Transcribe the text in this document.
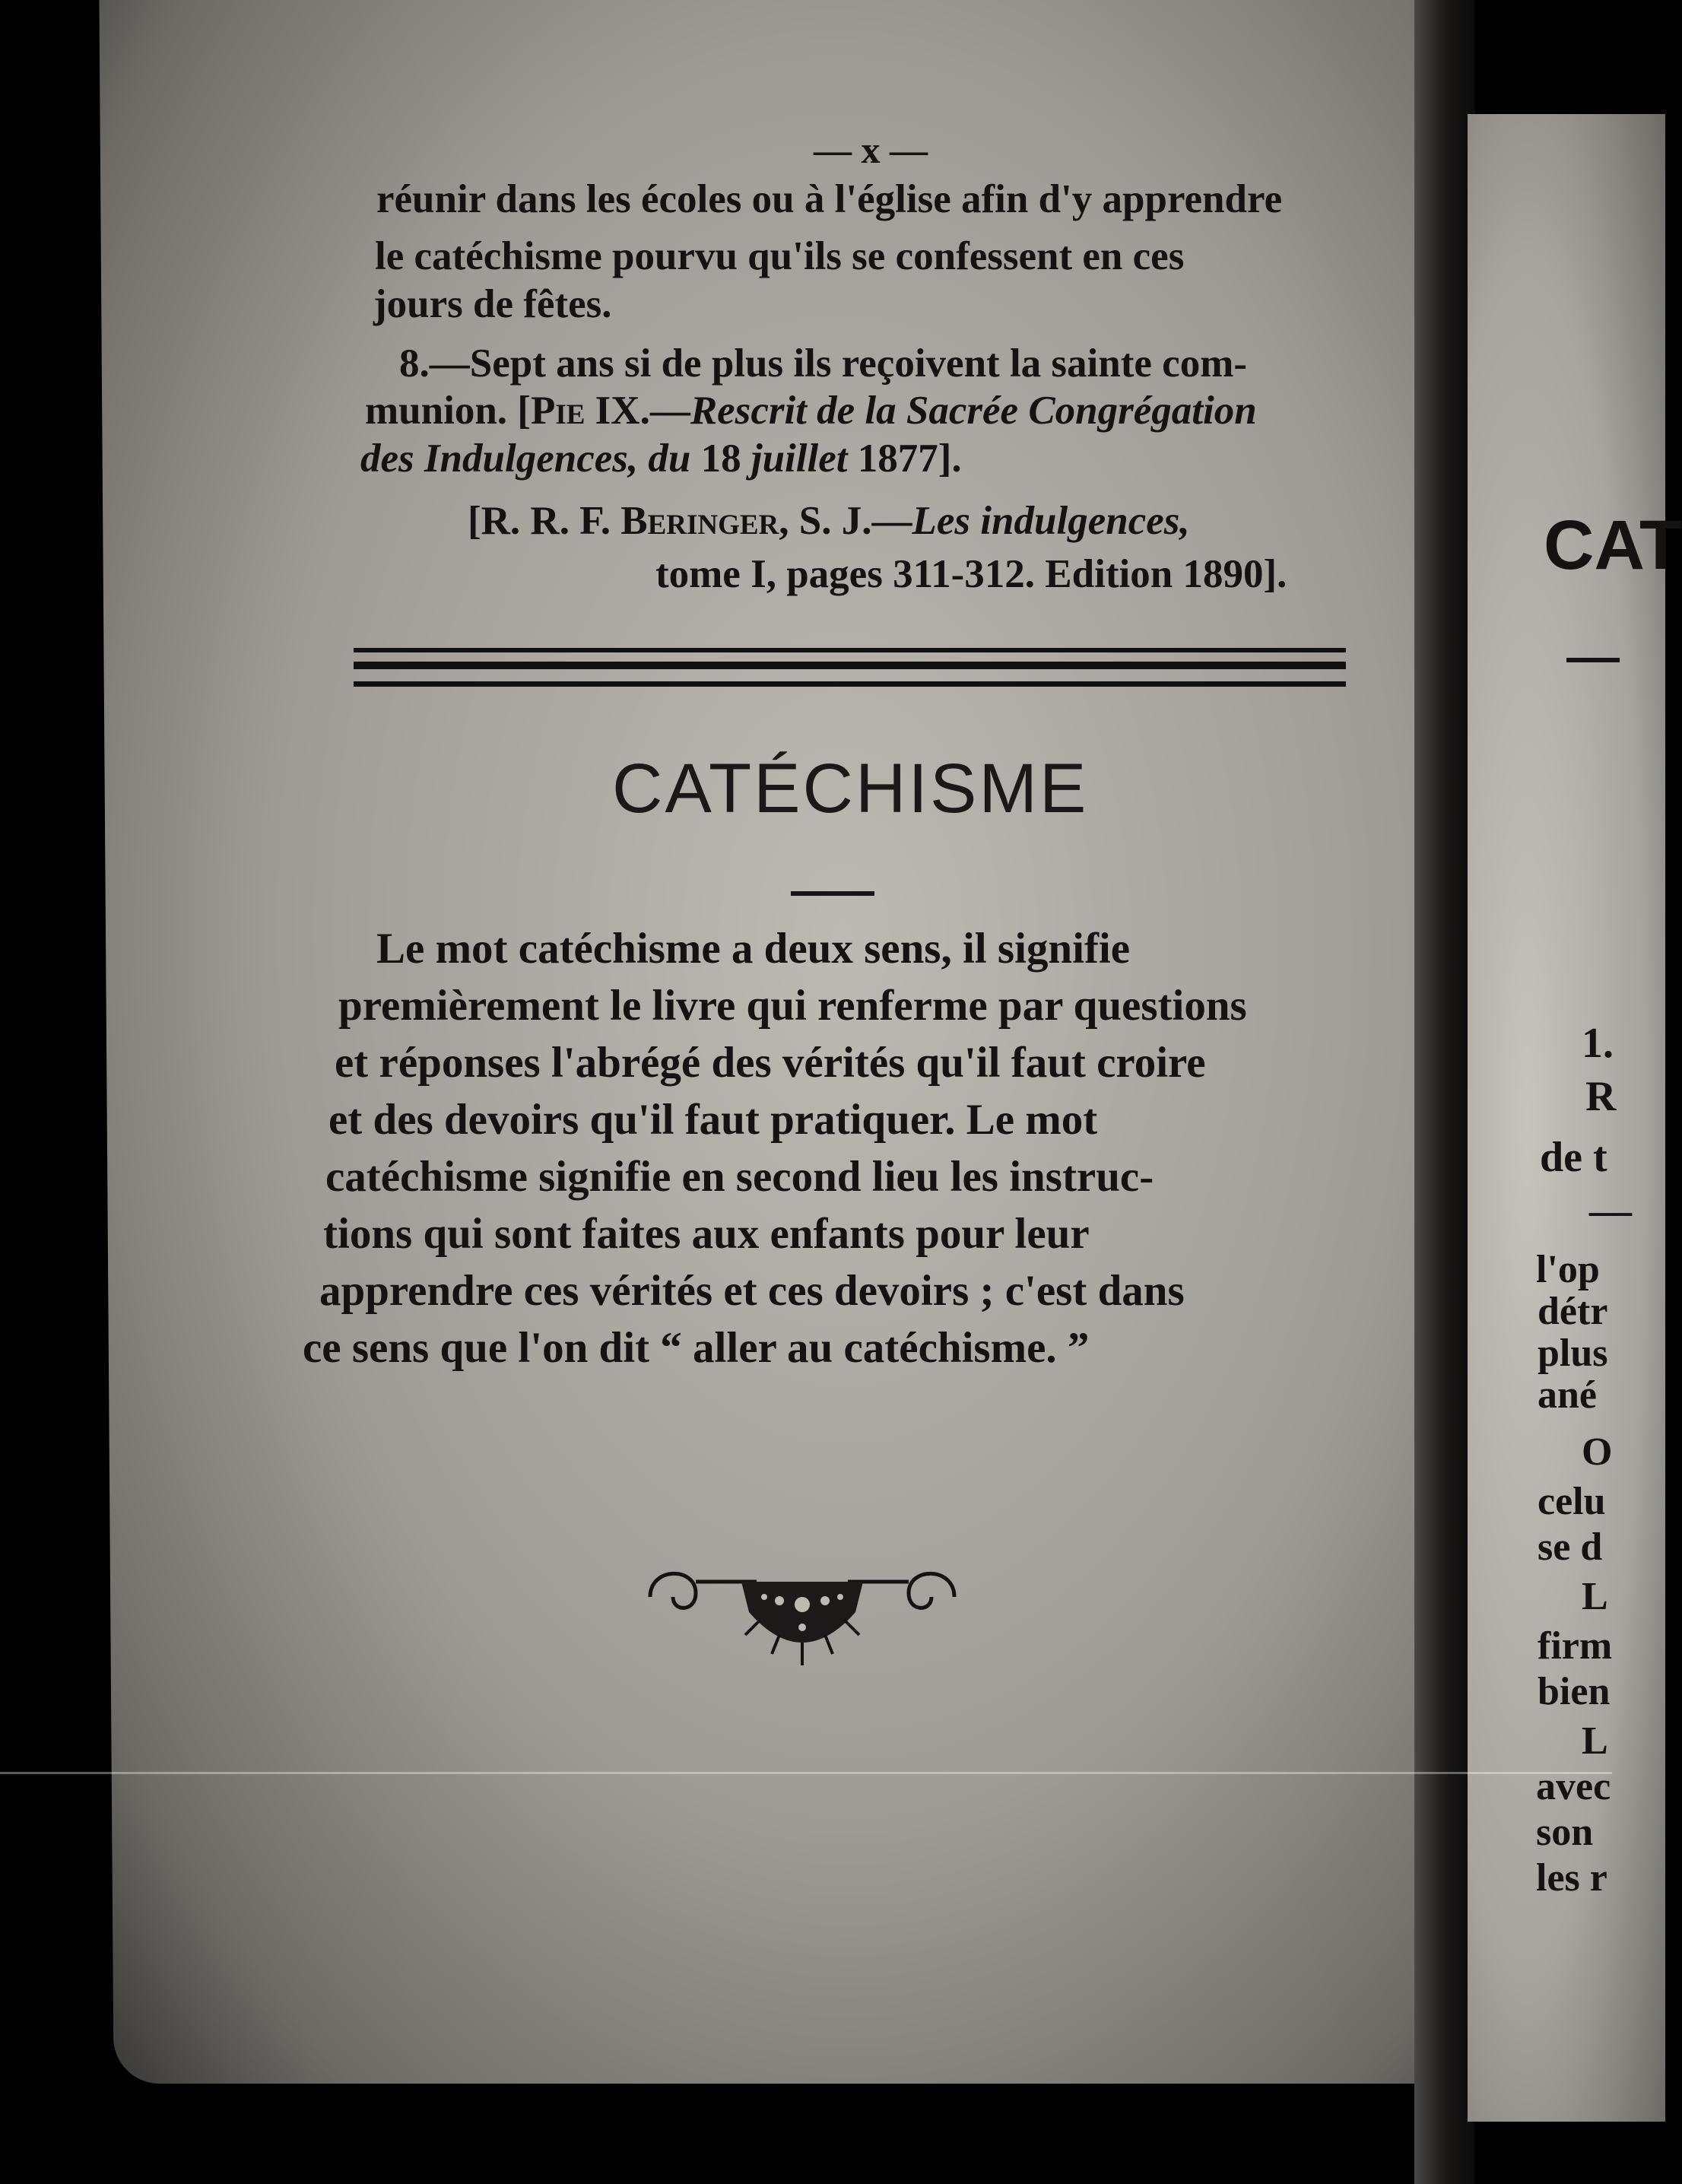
— x —
réunir dans les écoles ou à l'église afin d'y apprendre
le catéchisme pourvu qu'ils se confessent en ces
jours de fêtes.
8.—Sept ans si de plus ils reçoivent la sainte com-
munion. [Pie IX.—Rescrit de la Sacrée Congrégation
des Indulgences, du 18 juillet 1877].
[R. R. F. Beringer, S. J.—Les indulgences,
tome I, pages 311-312. Edition 1890].
CATÉCHISME
Le mot catéchisme a deux sens, il signifie
premièrement le livre qui renferme par questions
et réponses l'abrégé des vérités qu'il faut croire
et des devoirs qu'il faut pratiquer. Le mot
catéchisme signifie en second lieu les instruc-
tions qui sont faites aux enfants pour leur
apprendre ces vérités et ces devoirs ; c'est dans
ce sens que l'on dit “ aller au catéchisme. ”
CAT
1.
R
de t
—
l'op
détr
plus
ané
O
celu
se d
L
firm
bien
L
avec
son
les r
